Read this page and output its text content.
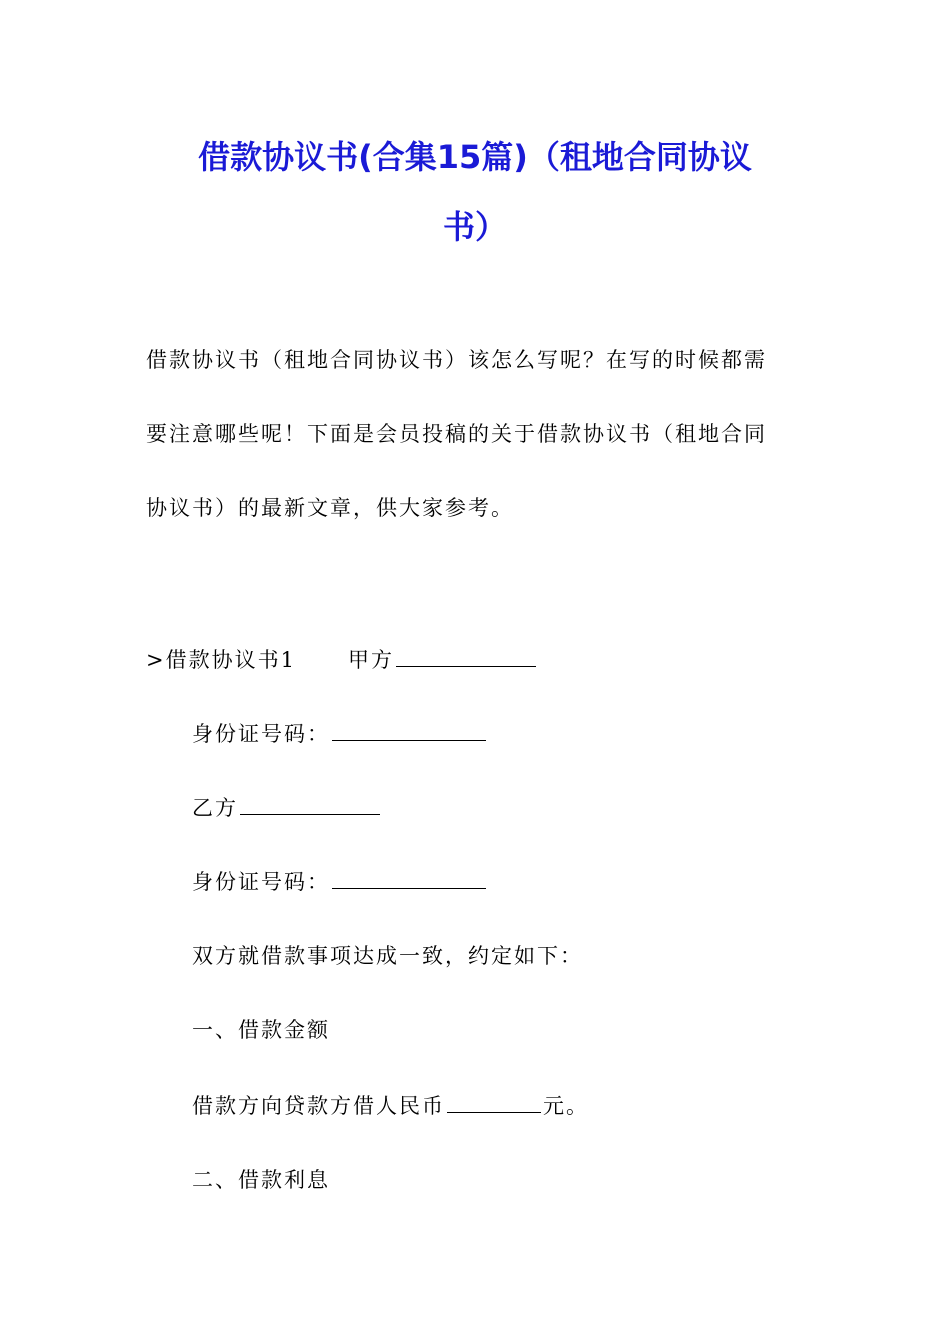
借款协议书(合集15篇)（租地合同协议
书）
借款协议书（租地合同协议书）该怎么写呢？在写的时候都需
要注意哪些呢！下面是会员投稿的关于借款协议书（租地合同
协议书）的最新文章，供大家参考。
>借款协议书1 甲方
身份证号码：
乙方
身份证号码：
双方就借款事项达成一致，约定如下：
一、借款金额
借款方向贷款方借人民币	元。
二、借款利息
